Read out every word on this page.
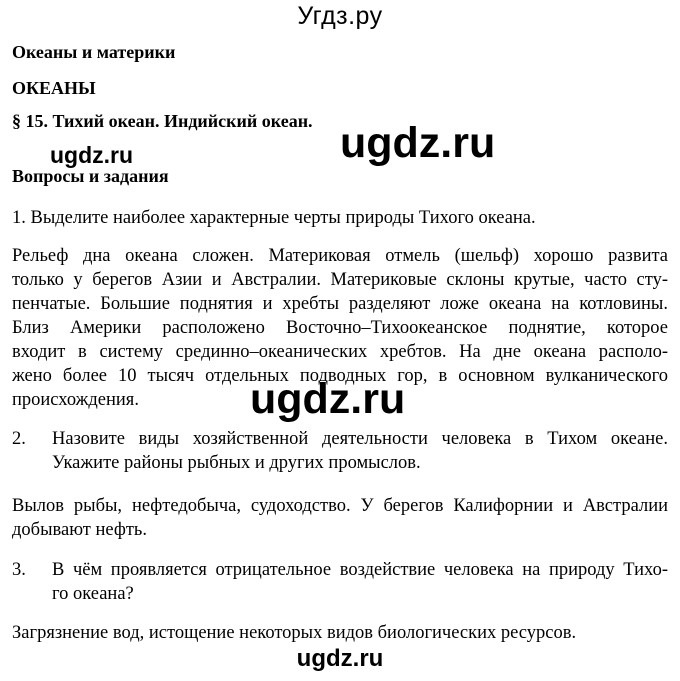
Угдз.ру
Океаны и материки
ОКЕАНЫ
§ 15. Тихий океан. Индийский океан.
Вопросы и задания
1. Выделите наиболее характерные черты природы Тихого океана.
Рельеф дна океана сложен. Материковая отмель (шельф) хорошо развита
только у берегов Азии и Австралии. Материковые склоны крутые, часто сту-
пенчатые. Большие поднятия и хребты разделяют ложе океана на котловины.
Близ Америки расположено Восточно–Тихоокеанское поднятие, которое
входит в систему срединно–океанических хребтов. На дне океана располо-
жено более 10 тысяч отдельных подводных гор, в основном вулканического
происхождения.
2.	Назовите виды хозяйственной деятельности человека в Тихом океане.
Укажите районы рыбных и других промыслов.
Вылов рыбы, нефтедобыча, судоходство. У берегов Калифорнии и Австралии
добывают нефть.
3.	В чём проявляется отрицательное воздействие человека на природу Тихо-
го океана?
Загрязнение вод, истощение некоторых видов биологических ресурсов.
ugdz.ru
ugdz.ru
ugdz.ru
ugdz.ru
